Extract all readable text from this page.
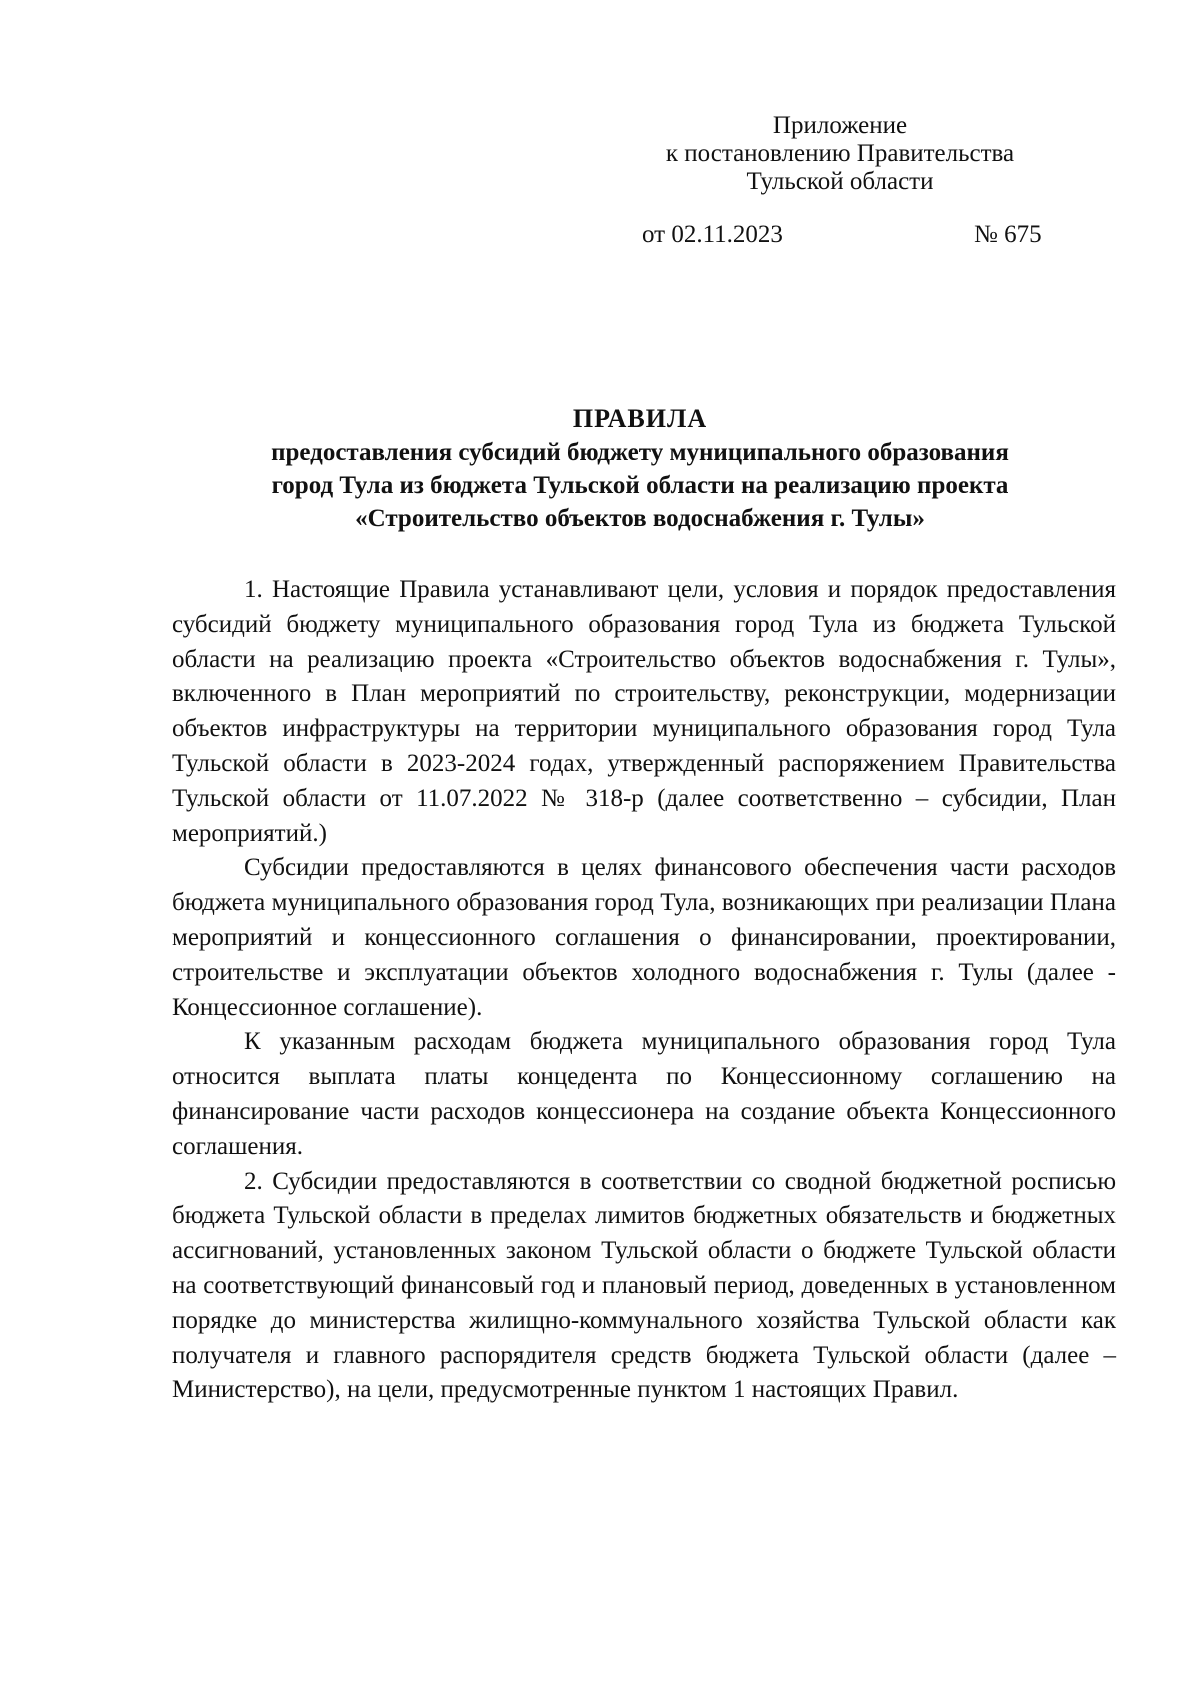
Приложение
к постановлению Правительства
Тульской области
от 02.11.2023	№ 675
ПРАВИЛА
предоставления субсидий бюджету муниципального образования
город Тула из бюджета Тульской области на реализацию проекта
«Строительство объектов водоснабжения г. Тулы»

1. Настоящие Правила устанавливают цели, условия и порядок предоставления субсидий бюджету муниципального образования город Тула из бюджета Тульской области на реализацию проекта «Строительство объектов водоснабжения г. Тулы», включенного в План мероприятий по строительству, реконструкции, модернизации объектов инфраструктуры на территории муниципального образования город Тула Тульской области в 2023-2024 годах, утвержденный распоряжением Правительства Тульской области от 11.07.2022 № 318-р (далее соответственно – субсидии, План мероприятий.)

Субсидии предоставляются в целях финансового обеспечения части расходов бюджета муниципального образования город Тула, возникающих при реализации Плана мероприятий и концессионного соглашения о финансировании, проектировании, строительстве и эксплуатации объектов холодного водоснабжения г. Тулы (далее - Концессионное соглашение).

К указанным расходам бюджета муниципального образования город Тула относится выплата платы концедента по Концессионному соглашению на финансирование части расходов концессионера на создание объекта Концессионного соглашения.

2. Субсидии предоставляются в соответствии со сводной бюджетной росписью бюджета Тульской области в пределах лимитов бюджетных обязательств и бюджетных ассигнований, установленных законом Тульской области о бюджете Тульской области на соответствующий финансовый год и плановый период, доведенных в установленном порядке до министерства жилищно-коммунального хозяйства Тульской области как получателя и главного распорядителя средств бюджета Тульской области (далее – Министерство), на цели, предусмотренные пунктом 1 настоящих Правил.
